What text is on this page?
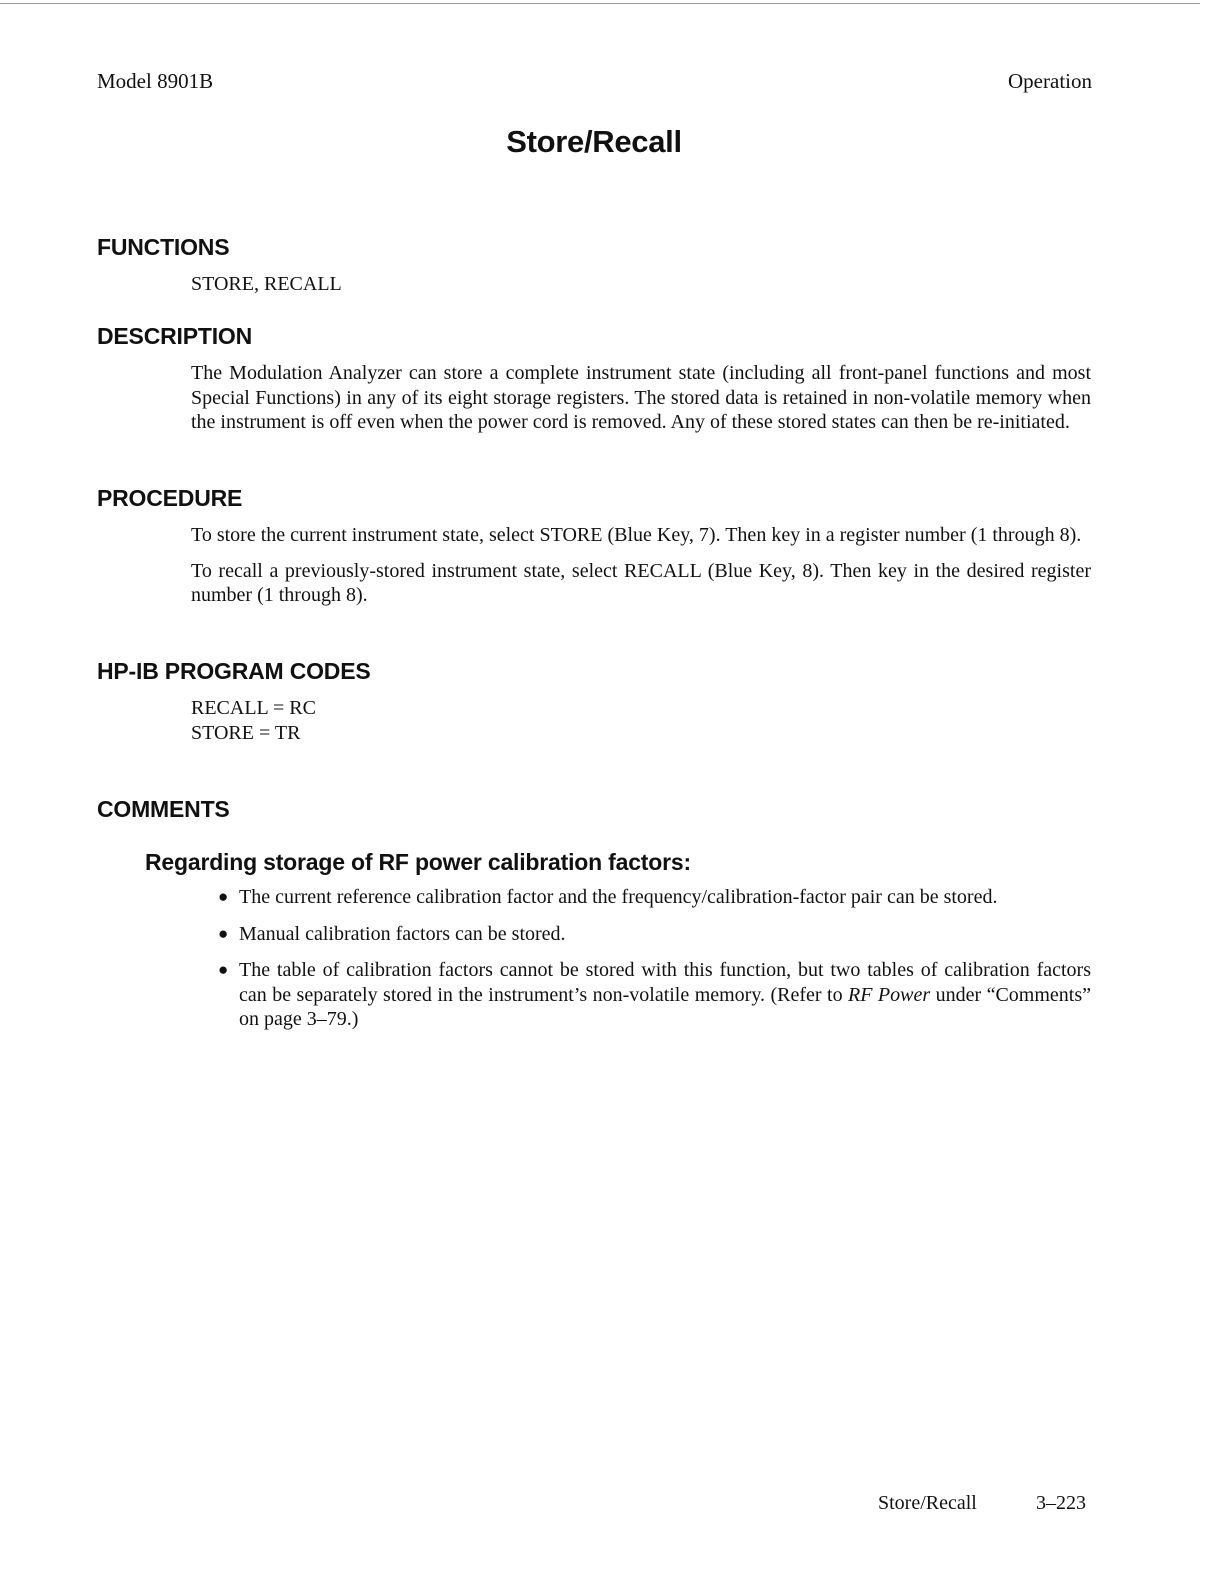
Model 8901B	Operation
Store/Recall
FUNCTIONS
STORE, RECALL
DESCRIPTION

The Modulation Analyzer can store a complete instrument state (including all front-panel functions and most Special Functions) in any of its eight storage registers. The stored data is retained in non-volatile memory when the instrument is off even when the power cord is removed. Any of these stored states can then be re-initiated.

PROCEDURE

To store the current instrument state, select STORE (Blue Key, 7). Then key in a register number (1 through 8).

To recall a previously-stored instrument state, select RECALL (Blue Key, 8). Then key in the desired register number (1 through 8).

HP-IB PROGRAM CODES
RECALL = RC
STORE = TR
COMMENTS
Regarding storage of RF power calibration factors:
● The current reference calibration factor and the frequency/calibration-factor pair can be stored.
● Manual calibration factors can be stored.
● The table of calibration factors cannot be stored with this function, but two tables of calibration factors can be separately stored in the instrument’s non-volatile memory. (Refer to RF Power under “Comments” on page 3–79.)
Store/Recall	3–223
